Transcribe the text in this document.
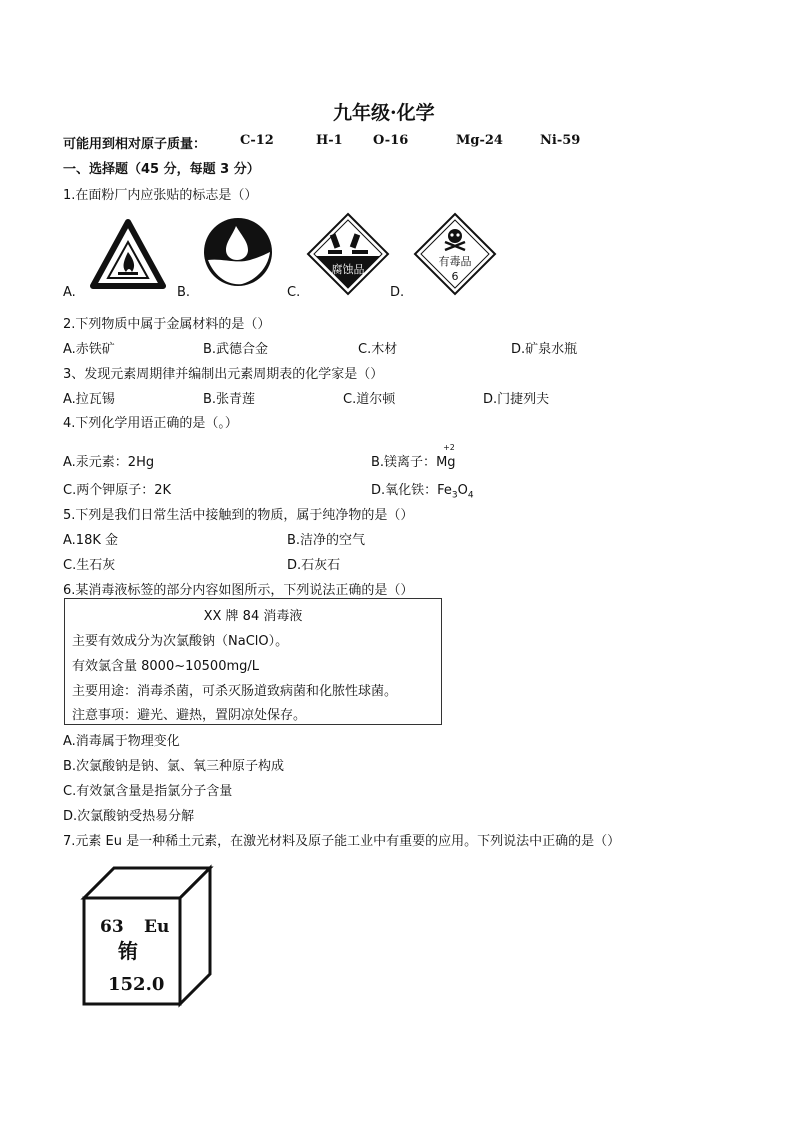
九年级·化学
可能用到相对原子质量：	C-12	H-1 O-16	Mg-24	Ni-59
一、选择题（45 分，每题 3 分）
1.在面粉厂内应张贴的标志是（）
A.	B.
腐蚀品
C.
有毒品
6
D.
2.下列物质中属于金属材料的是（）
A.赤铁矿	B.武德合金	C.木材	D.矿泉水瓶
3、发现元素周期律并编制出元素周期表的化学家是（）
A.拉瓦锡	B.张青莲	C.道尔顿	D.门捷列夫
4.下列化学用语正确的是（。）
A.汞元素：2Hg	B.镁离子：
+2
Mg
C.两个钾原子：2K	D.氧化铁：$Fe_3O_4$
5.下列是我们日常生活中接触到的物质，属于纯净物的是（）
A.18K 金	B.洁净的空气
C.生石灰	D.石灰石
6.某消毒液标签的部分内容如图所示，下列说法正确的是（）
XX 牌 84 消毒液
主要有效成分为次氯酸钠（NaClO）。
有效氯含量 8000~10500mg/L
主要用途：消毒杀菌，可杀灭肠道致病菌和化脓性球菌。
注意事项：避光、避热，置阴凉处保存。
A.消毒属于物理变化
B.次氯酸钠是钠、氯、氧三种原子构成
C.有效氯含量是指氯分子含量
D.次氯酸钠受热易分解
7.元素 Eu 是一种稀土元素，在激光材料及原子能工业中有重要的应用。下列说法中正确的是（）
63 Eu
铕
152.0
